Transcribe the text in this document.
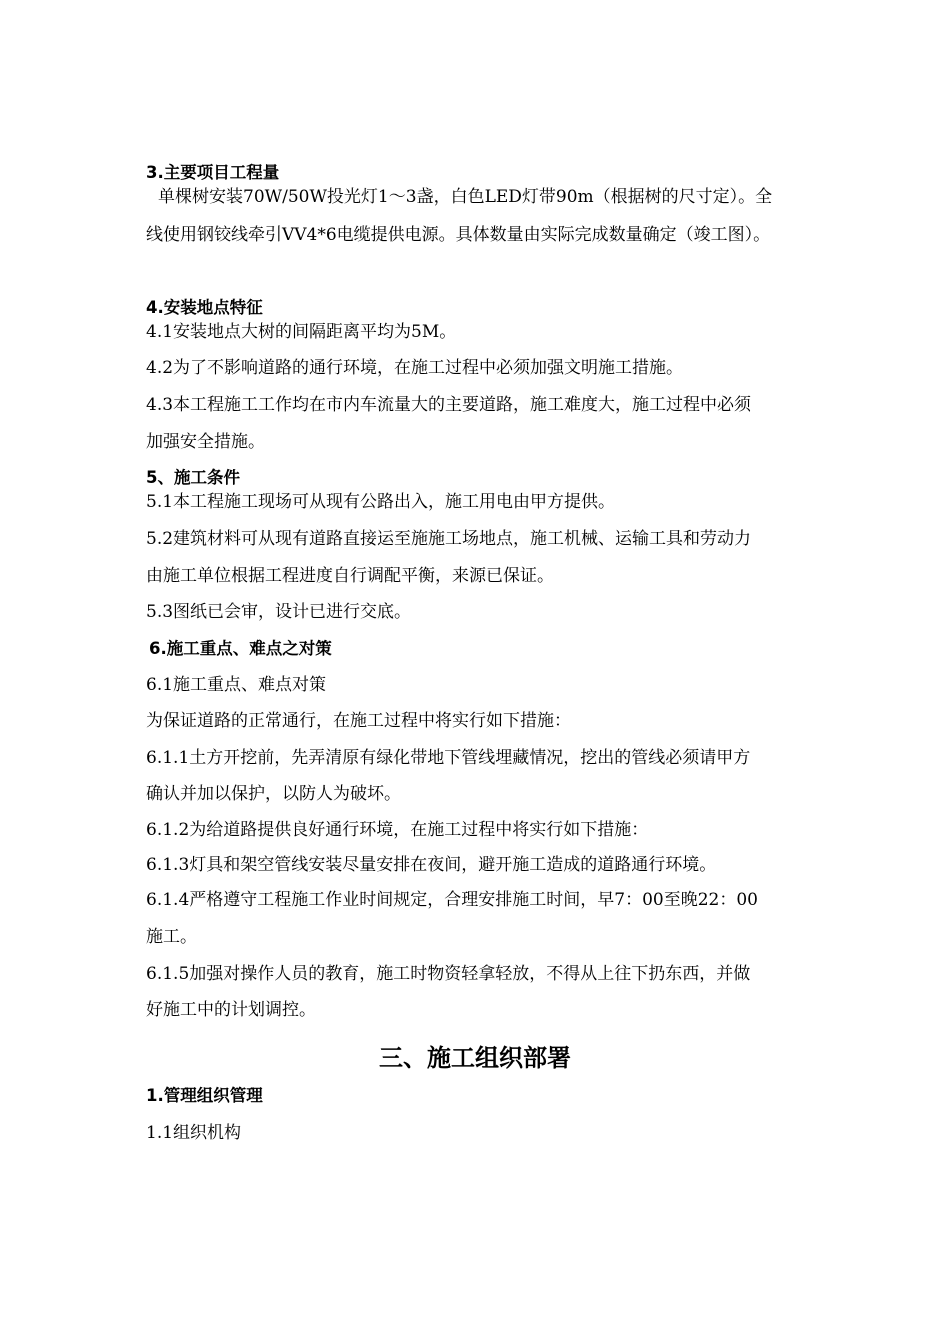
3.主要项目工程量
单棵树安装70W/50W投光灯1～3盏，白色LED灯带90m（根据树的尺寸定）。全
线使用钢铰线牵引VV4*6电缆提供电源。具体数量由实际完成数量确定（竣工图）。
4.安装地点特征
4.1安装地点大树的间隔距离平均为5M。
4.2为了不影响道路的通行环境，在施工过程中必须加强文明施工措施。
4.3本工程施工工作均在市内车流量大的主要道路，施工难度大，施工过程中必须
加强安全措施。
5、施工条件
5.1本工程施工现场可从现有公路出入，施工用电由甲方提供。
5.2建筑材料可从现有道路直接运至施施工场地点，施工机械、运输工具和劳动力
由施工单位根据工程进度自行调配平衡，来源已保证。
5.3图纸已会审，设计已进行交底。
6.施工重点、难点之对策
6.1施工重点、难点对策
为保证道路的正常通行，在施工过程中将实行如下措施：
6.1.1土方开挖前，先弄清原有绿化带地下管线埋藏情况，挖出的管线必须请甲方
确认并加以保护，以防人为破坏。
6.1.2为给道路提供良好通行环境，在施工过程中将实行如下措施：
6.1.3灯具和架空管线安装尽量安排在夜间，避开施工造成的道路通行环境。
6.1.4严格遵守工程施工作业时间规定，合理安排施工时间，早7：00至晚22：00
施工。
6.1.5加强对操作人员的教育，施工时物资轻拿轻放，不得从上往下扔东西，并做
好施工中的计划调控。
三、施工组织部署
1.管理组织管理
1.1组织机构
